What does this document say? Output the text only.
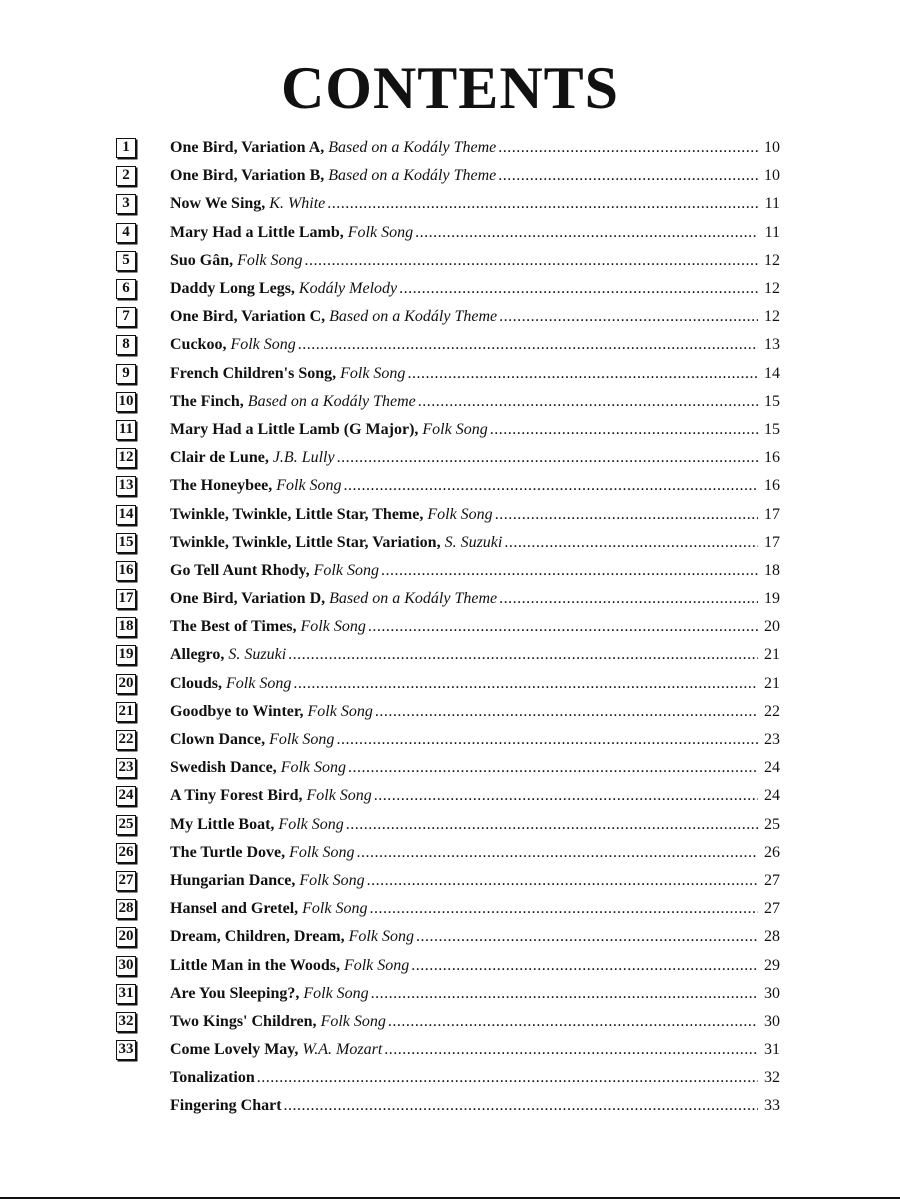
CONTENTS
1	One Bird, Variation A, Based on a Kodály Theme .....	10
2	One Bird, Variation B, Based on a Kodály Theme .....	10
3	Now We Sing, K. White .....	11
4	Mary Had a Little Lamb, Folk Song .....	11
5	Suo Gân, Folk Song .....	12
6	Daddy Long Legs, Kodály Melody .....	12
7	One Bird, Variation C, Based on a Kodály Theme .....	12
8	Cuckoo, Folk Song .....	13
9	French Children's Song, Folk Song .....	14
10 The Finch, Based on a Kodály Theme .....	15
11 Mary Had a Little Lamb (G Major), Folk Song .....	15
12 Clair de Lune, J.B. Lully .....	16
13 The Honeybee, Folk Song .....	16
14 Twinkle, Twinkle, Little Star, Theme, Folk Song .....	17
15 Twinkle, Twinkle, Little Star, Variation, S. Suzuki .....	17
16 Go Tell Aunt Rhody, Folk Song .....	18
17 One Bird, Variation D, Based on a Kodály Theme .....	19
18 The Best of Times, Folk Song .....	20
19 Allegro, S. Suzuki .....	21
20 Clouds, Folk Song .....	21
21 Goodbye to Winter, Folk Song .....	22
22 Clown Dance, Folk Song .....	23
23 Swedish Dance, Folk Song .....	24
24 A Tiny Forest Bird, Folk Song .....	24
25 My Little Boat, Folk Song .....	25
26 The Turtle Dove, Folk Song .....	26
27 Hungarian Dance, Folk Song .....	27
28 Hansel and Gretel, Folk Song .....	27
20 Dream, Children, Dream, Folk Song .....	28
30 Little Man in the Woods, Folk Song .....	29
31 Are You Sleeping?, Folk Song .....	30
32 Two Kings' Children, Folk Song .....	30
33 Come Lovely May, W.A. Mozart .....	31
Tonalization .....	32
Fingering Chart .....	33
